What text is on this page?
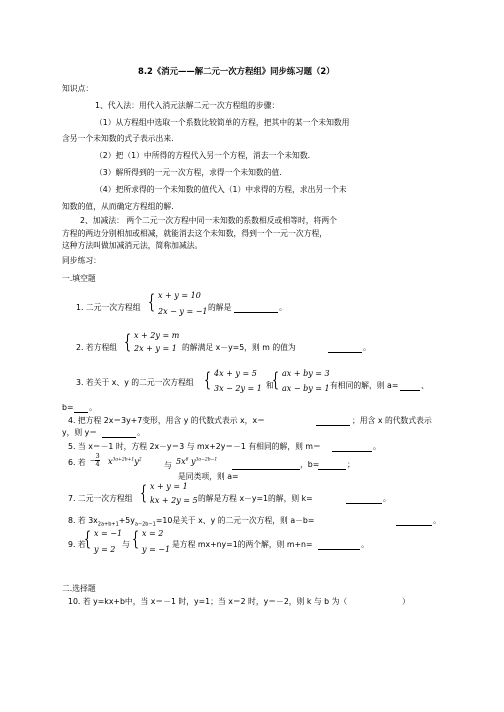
8.2《消元——解二元一次方程组》同步练习题（2）
知识点：
1、代入法：用代入消元法解二元一次方程组的步骤：
（1）从方程组中选取一个系数比较简单的方程，把其中的某一个未知数用
含另一个未知数的式子表示出来.
（2）把（1）中所得的方程代入另一个方程，消去一个未知数.
（3）解所得到的一元一次方程，求得一个未知数的值.
（4）把所求得的一个未知数的值代入（1）中求得的方程，求出另一个未
知数的值，从而确定方程组的解.
2、加减法： 两个二元一次方程中同一未知数的系数相反或相等时，将两个
方程的两边分别相加或相减，就能消去这个未知数，得到一个一元一次方程，
这种方法叫做加减消元法，简称加减法。
同步练习：
一.填空题
1. 二元一次方程组 { x + y = 10
2x − y = −1 的解是	。
2. 若方程组 { x + 2y = m
2x + y = 1 的解满足 x－y=5，则 m 的值为	。
3. 若关于 x、y 的二元一次方程组 { 4x + y = 5
3x − 2y = 1 和
{ ax + by = 3
ax − by = 1 有相同的解，则 a=	、
b= 。
4. 把方程 2x＝3y+7变形，用含 y 的代数式表示 x，x＝	；用含 x 的代数式表示
y，则 y＝	。
5. 当 x＝－1 时，方程 2x－y＝3 与 mx+2y＝－1 有相同的解，则 m＝	。
6. 若 − $\frac{3}{4} x^{3a+2b+1}y^2$
与 $5x^6$ $y^{3a-2b-1}$
，b=	；
是同类项，则 a=
7. 二元一次方程组 { x + y = 1
kx + 2y = 5 的解是方程 x－y=1的解，则 k=	。
8. 若 $3x_{2a+b+1}+5y_{a-2b-1}=10$是关于 x、y 的二元一次方程，则 a－b=	。
9. 若
{ x = −1
y = 2
与 { x = 2
y = −1
是方程 mx+ny=1的两个解，则 m+n=	。
二.选择题
10. 若 y=kx+b中，当 x＝－1 时，y=1；当 x＝2 时，y＝－2，则 k 与 b 为（	）
